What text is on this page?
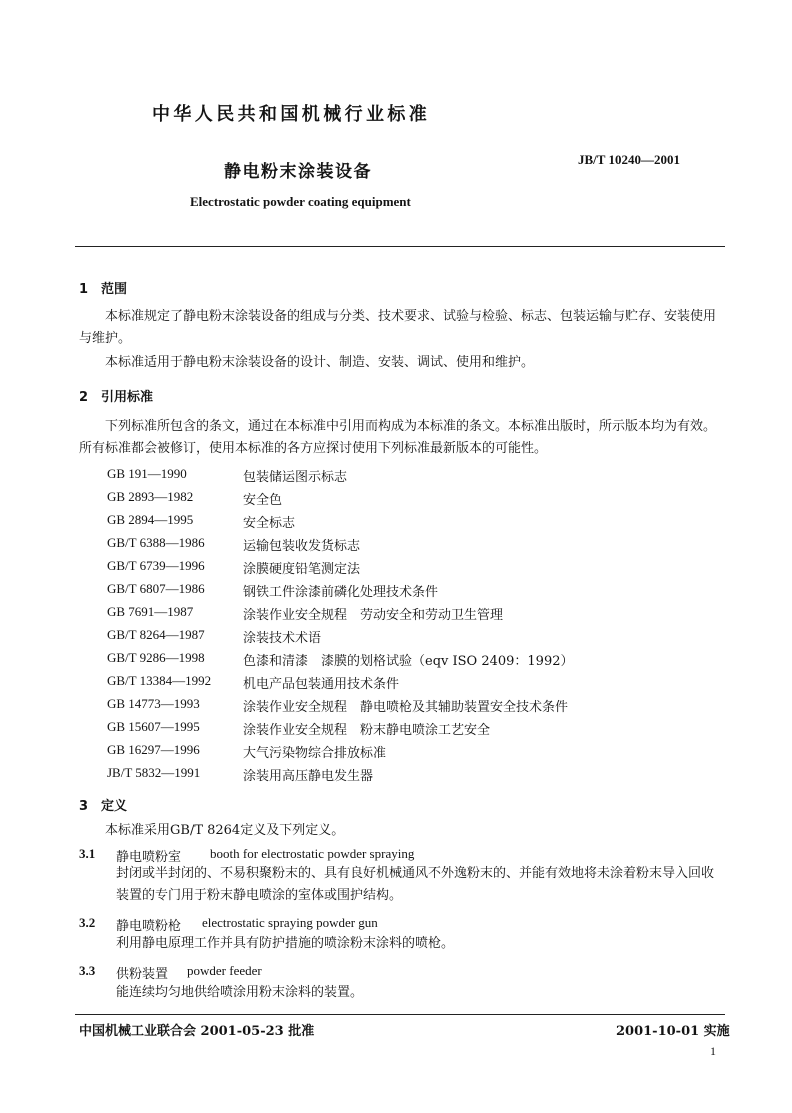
中华人民共和国机械行业标准
JB/T 10240—2001
静电粉末涂装设备
Electrostatic powder coating equipment
1 范围
本标准规定了静电粉末涂装设备的组成与分类、技术要求、试验与检验、标志、包装运输与贮存、安装使用与维护。
本标准适用于静电粉末涂装设备的设计、制造、安装、调试、使用和维护。
2 引用标准
下列标准所包含的条文，通过在本标准中引用而构成为本标准的条文。本标准出版时，所示版本均为有效。所有标准都会被修订，使用本标准的各方应探讨使用下列标准最新版本的可能性。
GB 191—1990	包装储运图示标志
GB 2893—1982	安全色
GB 2894—1995	安全标志
GB/T 6388—1986	运输包装收发货标志
GB/T 6739—1996	涂膜硬度铅笔测定法
GB/T 6807—1986	钢铁工件涂漆前磷化处理技术条件
GB 7691—1987	涂装作业安全规程　劳动安全和劳动卫生管理
GB/T 8264—1987	涂装技术术语
GB/T 9286—1998	色漆和清漆　漆膜的划格试验（eqv ISO 2409：1992）
GB/T 13384—1992 机电产品包装通用技术条件
GB 14773—1993	涂装作业安全规程　静电喷枪及其辅助装置安全技术条件
GB 15607—1995	涂装作业安全规程　粉末静电喷涂工艺安全
GB 16297—1996	大气污染物综合排放标准
JB/T 5832—1991	涂装用高压静电发生器
3 定义
本标准采用GB/T 8264定义及下列定义。
3.1 静电喷粉室 booth for electrostatic powder spraying
封闭或半封闭的、不易积聚粉末的、具有良好机械通风不外逸粉末的、并能有效地将未涂着粉末导入回收装置的专门用于粉末静电喷涂的室体或围护结构。
3.2 静电喷粉枪 electrostatic spraying powder gun
利用静电原理工作并具有防护措施的喷涂粉末涂料的喷枪。
3.3 供粉装置 powder feeder
能连续均匀地供给喷涂用粉末涂料的装置。
中国机械工业联合会 2001-05-23 批准	2001-10-01 实施
1
